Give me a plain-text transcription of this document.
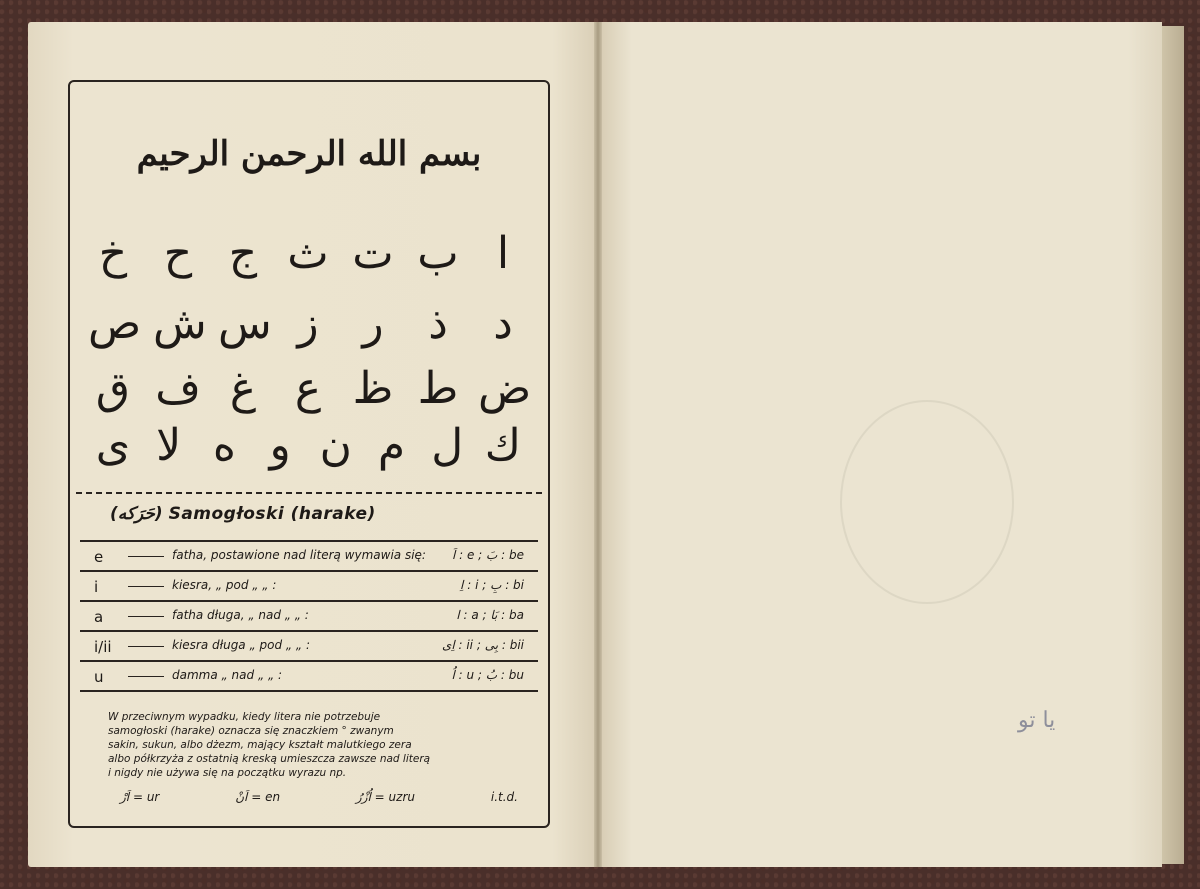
بسم الله الرحمن الرحيم
ا
ب
ت
ث
ج
ح
خ
د
ذ
ر
ز
س
ش
ص
ض
ط
ظ
ع
غ
ف
ق
ك
ل
م
ن
و
ه
لا
ى
(حَرَكه) Samogłoski (harake)
e	fatha, postawione nad literą wymawia się: اَ : e ; بَ : be
i	kiesra, „ pod „ „ :	اِ : i ; بِ : bi
a	fatha długa, „ nad „ „ :	ا : a ; بَا : ba
i/ii	kiesra długa „ pod „ „ :	اِى : ii ; بِى : bii
u	damma „ nad „ „ :	اُ : u ; بُ : bu
W przeciwnym wypadku, kiedy litera nie potrzebuje
samogłoski (harake) oznacza się znaczkiem ° zwanym
sakin, sukun, albo dżezm, mający kształt malutkiego zera
albo półkrzyża z ostatnią kreską umieszcza zawsze nad literą
i nigdy nie używa się na początku wyrazu np.
اَرْ = ur	اَنْ = en	اُزْرُ = uzru	i.t.d.
يا تو
